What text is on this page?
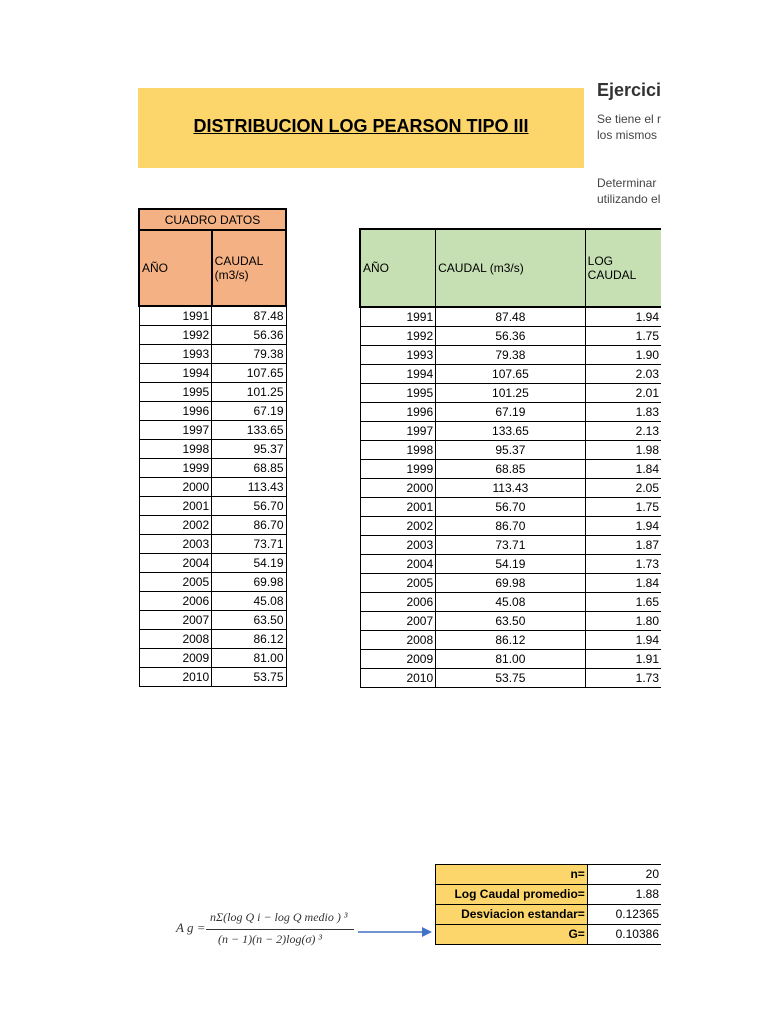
DISTRIBUCION LOG PEARSON TIPO III
Ejercici
Se tiene el r
los mismos
Determinar
utilizando el
CUADRO DATOS	
AÑO	CAUDAL (m3/s)
1991	87.48
1992	56.36
1993	79.38
1994	107.65
1995	101.25
1996	67.19
1997	133.65
1998	95.37
1999	68.85
2000	113.43
2001	56.70
2002	86.70
2003	73.71
2004	54.19
2005	69.98
2006	45.08
2007	63.50
2008	86.12
2009	81.00
2010	53.75
AÑO	CAUDAL (m3/s)	LOG CAUDAL
1991	87.48	1.94
1992	56.36	1.75
1993	79.38	1.90
1994	107.65	2.03
1995	101.25	2.01
1996	67.19	1.83
1997	133.65	2.13
1998	95.37	1.98
1999	68.85	1.84
2000	113.43	2.05
2001	56.70	1.75
2002	86.70	1.94
2003	73.71	1.87
2004	54.19	1.73
2005	69.98	1.84
2006	45.08	1.65
2007	63.50	1.80
2008	86.12	1.94
2009	81.00	1.91
2010	53.75	1.73
A g =
nΣ(log Q i − log Q medio ) ³
(n − 1)(n − 2)log(σ) ³
n=	20
Log Caudal promedio=	1.88
Desviacion estandar=	0.12365
G=	0.10386
